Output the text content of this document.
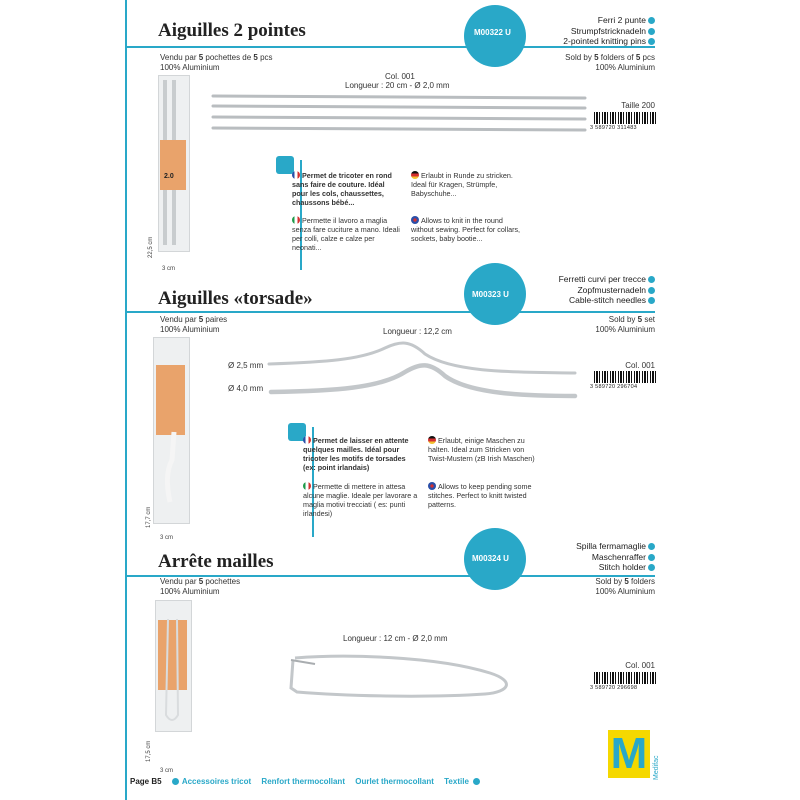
Aiguilles 2 pointes	M00322 U
Ferri 2 punte
Strumpfstricknadeln
2-pointed knitting pins
Vendu par 5 pochettes de 5 pcs
100% Aluminium
Sold by 5 folders of 5 pcs
100% Aluminium
2.0
22,5 cm
3 cm
Col. 001
Longueur : 20 cm - Ø 2,0 mm
Taille 200
3 589720 311483
Permet de tricoter en rond sans faire de couture. Idéal pour les cols, chaussettes, chaussons bébé...
Permette il lavoro a maglia senza fare cuciture a mano. Ideali per colli, calze e calze per neonati...
Erlaubt in Runde zu stricken. Ideal für Kragen, Strümpfe, Babyschuhe...
Allows to knit in the round without sewing. Perfect for collars, sockets, baby bootie...
Aiguilles «torsade»	M00323 U
Ferretti curvi per trecce
Zopfmusternadeln
Cable-stitch needles
Vendu par 5 paires
100% Aluminium
Sold by 5 set
100% Aluminium
17,7 cm
3 cm
Longueur : 12,2 cm
Ø 2,5 mm
Ø 4,0 mm
Col. 001
3 589720 296704
Permet de laisser en attente quelques mailles. Idéal pour tricoter les motifs de torsades (ex: point irlandais)
Permette di mettere in attesa alcune maglie. Ideale per lavorare a maglia motivi trecciati ( es: punti irlandesi)
Erlaubt, einige Maschen zu halten. Ideal zum Stricken von Twist-Mustern (zB Irish Maschen)
Allows to keep pending some stitches. Perfect to knitt twisted patterns.
Arrête mailles	M00324 U
Spilla fermamaglie
Maschenraffer
Stitch holder
Vendu par 5 pochettes
100% Aluminium
Sold by 5 folders
100% Aluminium
17,5 cm
3 cm
Longueur : 12 cm - Ø 2,0 mm
Col. 001
3 589720 296698
M Medifac
Page B5	Accessoires tricot Renfort thermocollant Ourlet thermocollant Textile
